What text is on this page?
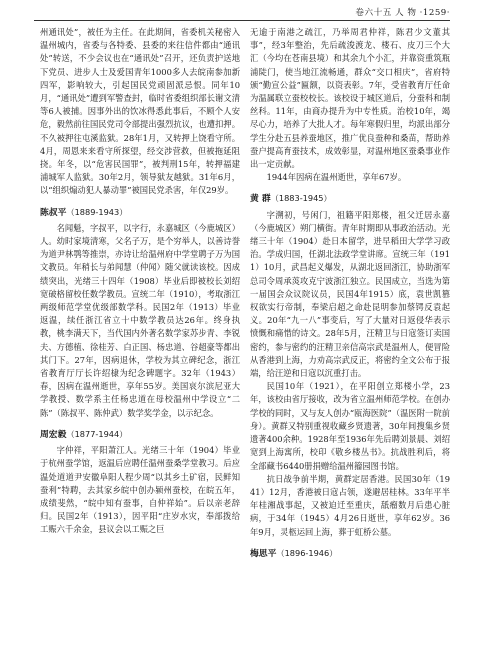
卷六十五 人 物 ·1259·

州通讯处”，被任为主任。在此期间，省委机关秘密入温州城内，省委与各特委、县委的来往信件都由“通讯处”转送，不少会议也在“通讯处”召开，还负责护送地下党员、进步人士及爱国青年1000多人去皖南参加新四军，影响较大，引起国民党顽固派忌恨。同年10月，“通讯处”遭到军警查封，临时省委组织部长谢文清等6人被捕。因事外出的饮冰得悉此事后，不顾个人安危，毅然前往国民党司令部提出强烈抗议，也遭扣押。不久被押往屯溪监狱。28年1月，又转押上饶看守所。4月，周恩来来看守所探望，经交涉营救，但被拖延阻挠。年冬，以“危害民国罪”，被判刑15年，转押福建浦城军人监狱。30年2月，领导狱友越狱。31年6月，以“组织煽动犯人暴动罪”被国民党杀害，年仅29岁。

陈叔平（1889-1943）

名闻魁，字叔平，以字行，永嘉城区（今鹿城区）人。幼时家境清寒，父名子万，是个穷举人，以善诗誉为道尹林鹗等推崇，亦诗让给温州府中学堂聘子万为国文教员。年稍长与弟闻慧（仲闻）随父就读该校。因成绩突出，光绪三十四年（1908）毕业后即被校长刘绍宽破格留校任数学教员。宣统二年（1910），考取浙江两级师范学堂优级部数学科。民国2年（1913）毕业返温，续任浙江省立十中数学教员达26年。终身执教，桃李满天下，当代国内外著名数学家苏步青、李锐夫、方德植、徐桂芳、白正国、杨忠道、谷超豪等都出其门下。27年，因病退休，学校为其立碑纪念，浙江省教育厅厅长许绍棣为纪念碑题字。32年（1943）春，因病在温州逝世，享年55岁。美国哀尔滨尼亚大学教授、数学系主任杨忠道在母校温州中学设立“二陈”（陈叔平、陈仲武）数学奖学金，以示纪念。

周宏毅（1877-1944）

字仲祥，平阳萧江人。光绪三十年（1904）毕业于杭州蚕学馆，返温后应聘任温州蚕桑学堂教习。后应温处道道尹安徽阜阳人程少周“以其乡土矿宿，民鲜知蚕利”特聘，去其家乡皖中创办颍州蚕校，在皖五年，成绩斐然，“皖中知有蚕事，自仲祥始”。后以亲老辞归。民国2年（1913），因平阳“庄岁水灾，奉部拨给工赈六千余金，县议会以工赈之巨

无逾于南港之疏江，乃举周君仲祥，陈君少文董其事”，经3年整治，先后疏浚渡龙、楼石、皮刀三个大汇（今均在苍南县境）和其余九个小汇，并靠资重筑瓶浦陡门，使当地江流畅通，群众“交口相庆”，省府特颁“勤宣公益”匾额，以资表彰。7年，受省教育厅任命为温属联立蚕校校长。该校设于城区道后，分蚕科和制丝科。11年，由商办提升为中专性质。治校10年，竭尽心力，培养了大批人才。每年寒假归里，均派出部分学生分赴五县养蚕地区，推广优良蚕种和桑苗，帮助养蚕户提高育蚕技术，成效彰显，对温州地区蚕桑事业作出一定贡献。

1944年因病在温州逝世，享年67岁。

黄 群（1883-1945）

字溯初，号闲门，祖籍平阳郑楼，祖父迁居永嘉（今鹿城区）朔门横街。青年时期即从事政治活动。光绪三十年（1904）赴日本留学，进早稻田大学学习政治。学成归国，任湖北法政学堂讲席。宣统三年（1911）10月，武昌起义爆发，从湖北返回浙江，协助浙军总司令周承菼攻克宁波浙江独立。民国成立，当选为第一届国会众议院议员，民国4年1915）底，袁世凯篡权欲实行帝制，奉梁启超之命赴昆明参加蔡锷反袁起义。20年“九一八”事变后，写了大量对日返侵华表示愤慨和痛惜的诗文。28年5月，汪精卫与日寇签订卖国密约，参与密约的汪精卫亲信高宗武是温州人，便冒险从香港到上海，力劝高宗武反正，将密约全文公布于报端，给汪逆和日寇以沉重打击。

民国10年（1921），在平阳创立郑楼小学，23年，该校由省厅接收，改为省立温州师范学校。在创办学校的同时，又与友人创办“瓯海医院”（温医附一院前身）。黄群又特别重视收藏乡贤遗著，30年间搜集乡贤遗著400余种。1928年至1936年先后聘刘景晨、刘绍宽到上海寓所，校印《敬乡楼丛书》。抗战胜利后，将全部藏书6440册捐赠给温州籀园图书馆。

抗日战争前半期，黄群定居香港。民国30年（1941）12月，香港被日寇占领，遂避居桂林。33年平半年桂湘战事起，又被迫迁至重庆，舐瘤数月后患心脏病，于34年（1945）4月26日逝世，享年62岁。36年9月，灵柩运回上海，葬于虹桥公墓。

梅思平（1896-1946）
